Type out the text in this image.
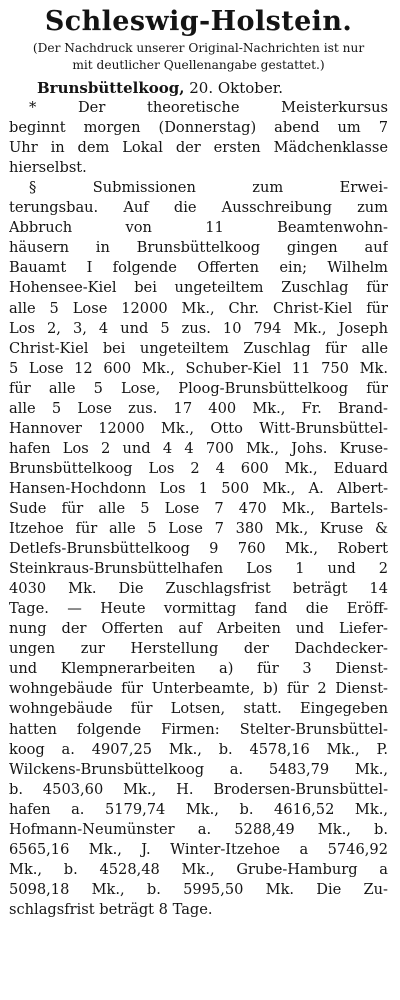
Schleswig-Holstein.
(Der Nachdruck unserer Original-Nachrichten ist nur
mit deutlicher Quellenangabe gestattet.)
Brunsbüttelkoog, 20. Oktober.
* Der theoretische Meisterkursus
beginnt morgen (Donnerstag) abend um 7
Uhr in dem Lokal der ersten Mädchenklasse
hierselbst.
§ Submissionen zum Erwei-
terungsbau. Auf die Ausschreibung zum
Abbruch von 11 Beamtenwohn-
häusern in Brunsbüttelkoog gingen auf
Bauamt I folgende Offerten ein; Wilhelm
Hohensee-Kiel bei ungeteiltem Zuschlag für
alle 5 Lose 12000 Mk., Chr. Christ-Kiel für
Los 2, 3, 4 und 5 zus. 10 794 Mk., Joseph
Christ-Kiel bei ungeteiltem Zuschlag für alle
5 Lose 12 600 Mk., Schuber-Kiel 11 750 Mk.
für alle 5 Lose, Ploog-Brunsbüttelkoog für
alle 5 Lose zus. 17 400 Mk., Fr. Brand-
Hannover 12000 Mk., Otto Witt-Brunsbüttel-
hafen Los 2 und 4 4 700 Mk., Johs. Kruse-
Brunsbüttelkoog Los 2 4 600 Mk., Eduard
Hansen-Hochdonn Los 1 500 Mk., A. Albert-
Sude für alle 5 Lose 7 470 Mk., Bartels-
Itzehoe für alle 5 Lose 7 380 Mk., Kruse &
Detlefs-Brunsbüttelkoog 9 760 Mk., Robert
Steinkraus-Brunsbüttelhafen Los 1 und 2
4030 Mk. Die Zuschlagsfrist beträgt 14
Tage. — Heute vormittag fand die Eröff-
nung der Offerten auf Arbeiten und Liefer-
ungen zur Herstellung der Dachdecker-
und Klempnerarbeiten a) für 3 Dienst-
wohngebäude für Unterbeamte, b) für 2 Dienst-
wohngebäude für Lotsen, statt. Eingegeben
hatten folgende Firmen: Stelter-Brunsbüttel-
koog a. 4907,25 Mk., b. 4578,16 Mk., P.
Wilckens-Brunsbüttelkoog a. 5483,79 Mk.,
b. 4503,60 Mk., H. Brodersen-Brunsbüttel-
hafen a. 5179,74 Mk., b. 4616,52 Mk.,
Hofmann-Neumünster a. 5288,49 Mk., b.
6565,16 Mk., J. Winter-Itzehoe a 5746,92
Mk., b. 4528,48 Mk., Grube-Hamburg a
5098,18 Mk., b. 5995,50 Mk. Die Zu-
schlagsfrist beträgt 8 Tage.
